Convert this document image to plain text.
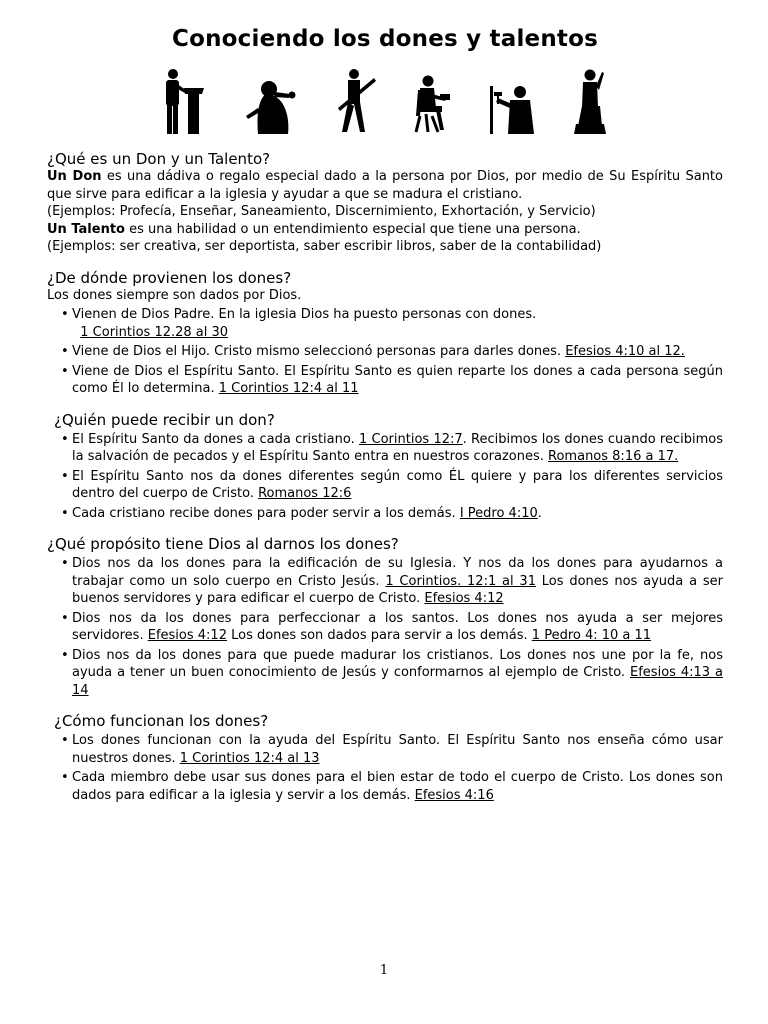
Conociendo los dones y talentos
¿Qué es un Don y un Talento?

Un Don es una dádiva o regalo especial dado a la persona por Dios, por medio de Su Espíritu Santo que sirve para edificar a la iglesia y ayudar a que se madura el cristiano.

(Ejemplos: Profecía, Enseñar, Saneamiento, Discernimiento, Exhortación, y Servicio)

Un Talento es una habilidad o un entendimiento especial que tiene una persona.

(Ejemplos: ser creativa, ser deportista, saber escribir libros, saber de la contabilidad)

¿De dónde provienen los dones?

Los dones siempre son dados por Dios.

• Vienen de Dios Padre. En la iglesia Dios ha puesto personas con dones.
1 Corintios 12.28 al 30
• Viene de Dios el Hijo. Cristo mismo seleccionó personas para darles dones. Efesios 4:10 al 12.
• Viene de Dios el Espíritu Santo. El Espíritu Santo es quien reparte los dones a cada persona según como Él lo determina. 1 Corintios 12:4 al 11
¿Quién puede recibir un don?
• El Espíritu Santo da dones a cada cristiano. 1 Corintios 12:7. Recibimos los dones cuando recibimos la salvación de pecados y el Espíritu Santo entra en nuestros corazones. Romanos 8:16 a 17.
• El Espíritu Santo nos da dones diferentes según como ÉL quiere y para los diferentes servicios dentro del cuerpo de Cristo. Romanos 12:6
• Cada cristiano recibe dones para poder servir a los demás. I Pedro 4:10.
¿Qué propósito tiene Dios al darnos los dones?
• Dios nos da los dones para la edificación de su Iglesia. Y nos da los dones para ayudarnos a trabajar como un solo cuerpo en Cristo Jesús. 1 Corintios. 12:1 al 31 Los dones nos ayuda a ser buenos servidores y para edificar el cuerpo de Cristo. Efesios 4:12
• Dios nos da los dones para perfeccionar a los santos. Los dones nos ayuda a ser mejores servidores. Efesios 4:12 Los dones son dados para servir a los demás. 1 Pedro 4: 10 a 11
• Dios nos da los dones para que puede madurar los cristianos. Los dones nos une por la fe, nos ayuda a tener un buen conocimiento de Jesús y conformarnos al ejemplo de Cristo. Efesios 4:13 a 14
¿Cómo funcionan los dones?
• Los dones funcionan con la ayuda del Espíritu Santo. El Espíritu Santo nos enseña cómo usar nuestros dones. 1 Corintios 12:4 al 13
• Cada miembro debe usar sus dones para el bien estar de todo el cuerpo de Cristo. Los dones son dados para edificar a la iglesia y servir a los demás. Efesios 4:16
1
